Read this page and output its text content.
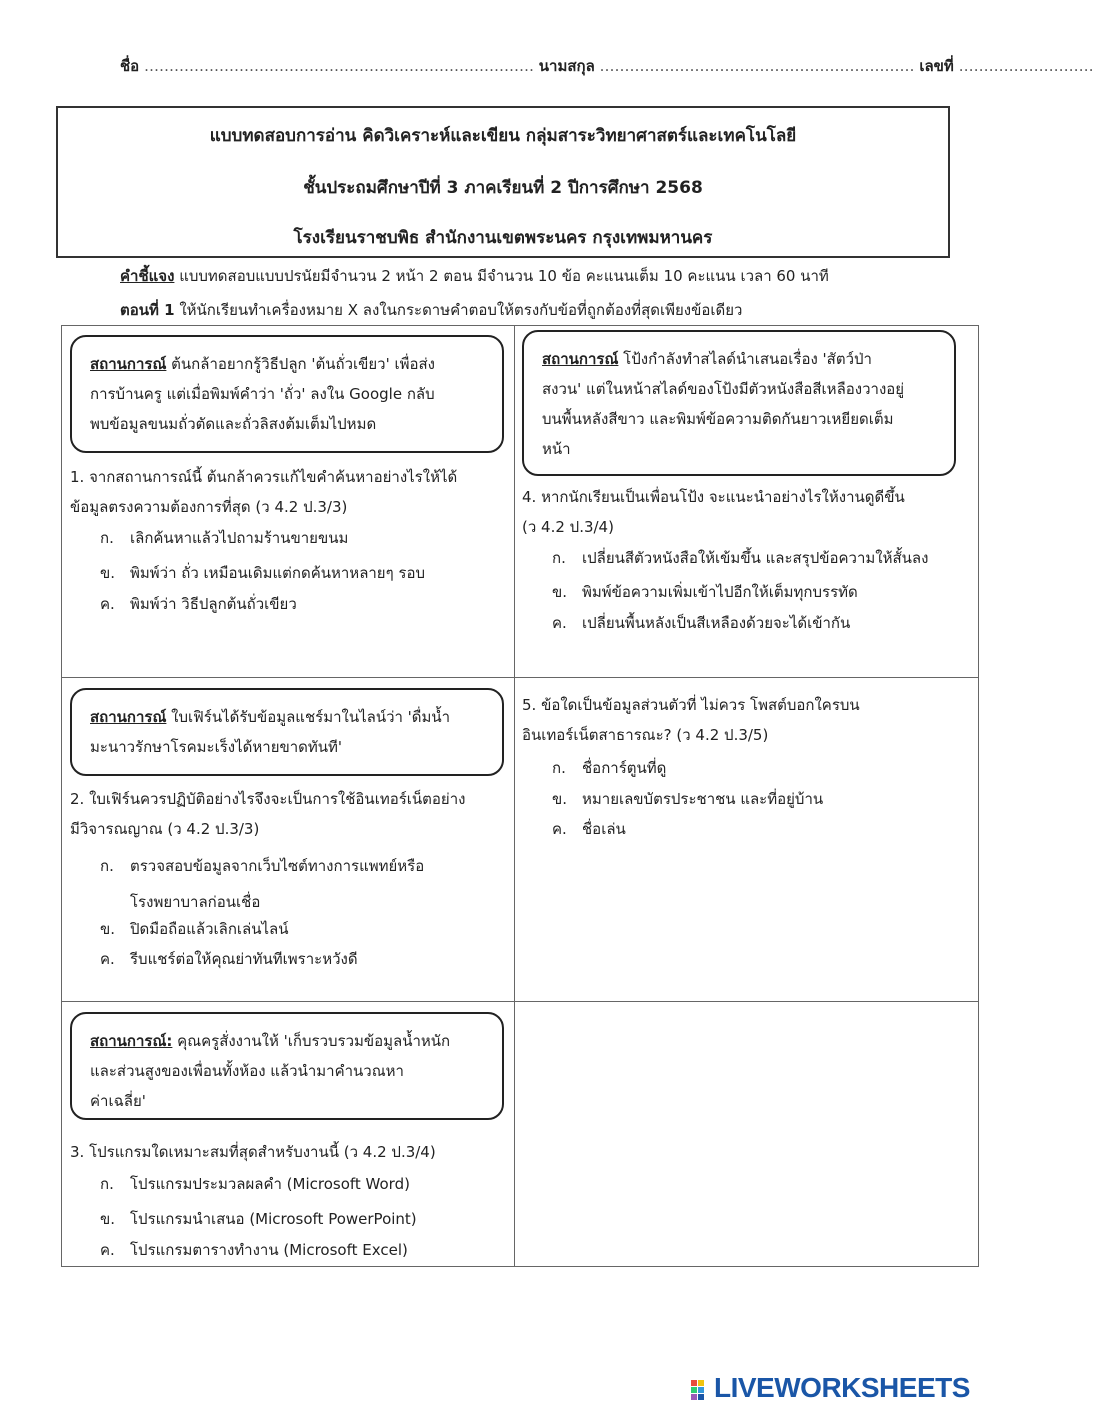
ชื่อ …………………………………………………………………… นามสกุล ……………………………………………………… เลขที่ ………………………
แบบทดสอบการอ่าน คิดวิเคราะห์และเขียน กลุ่มสาระวิทยาศาสตร์และเทคโนโลยี
ชั้นประถมศึกษาปีที่ 3 ภาคเรียนที่ 2 ปีการศึกษา 2568
โรงเรียนราชบพิธ สำนักงานเขตพระนคร กรุงเทพมหานคร
คำชี้แจง แบบทดสอบแบบปรนัยมีจำนวน 2 หน้า 2 ตอน มีจำนวน 10 ข้อ คะแนนเต็ม 10 คะแนน เวลา 60 นาที
ตอนที่ 1 ให้นักเรียนทำเครื่องหมาย X ลงในกระดาษคำตอบให้ตรงกับข้อที่ถูกต้องที่สุดเพียงข้อเดียว
สถานการณ์ ต้นกล้าอยากรู้วิธีปลูก 'ต้นถั่วเขียว' เพื่อส่ง
การบ้านครู แต่เมื่อพิมพ์คำว่า 'ถั่ว' ลงใน Google กลับ
พบข้อมูลขนมถั่วตัดและถั่วลิสงต้มเต็มไปหมด
1. จากสถานการณ์นี้ ต้นกล้าควรแก้ไขคำค้นหาอย่างไรให้ได้
ข้อมูลตรงความต้องการที่สุด (ว 4.2 ป.3/3)
ก. เลิกค้นหาแล้วไปถามร้านขายขนม
ข. พิมพ์ว่า ถั่ว เหมือนเดิมแต่กดค้นหาหลายๆ รอบ
ค. พิมพ์ว่า วิธีปลูกต้นถั่วเขียว
สถานการณ์ โป้งกำลังทำสไลด์นำเสนอเรื่อง 'สัตว์ป่า
สงวน' แต่ในหน้าสไลด์ของโป้งมีตัวหนังสือสีเหลืองวางอยู่
บนพื้นหลังสีขาว และพิมพ์ข้อความติดกันยาวเหยียดเต็ม
หน้า
4. หากนักเรียนเป็นเพื่อนโป้ง จะแนะนำอย่างไรให้งานดูดีขึ้น
(ว 4.2 ป.3/4)
ก. เปลี่ยนสีตัวหนังสือให้เข้มขึ้น และสรุปข้อความให้สั้นลง
ข. พิมพ์ข้อความเพิ่มเข้าไปอีกให้เต็มทุกบรรทัด
ค. เปลี่ยนพื้นหลังเป็นสีเหลืองด้วยจะได้เข้ากัน
สถานการณ์ ใบเฟิร์นได้รับข้อมูลแชร์มาในไลน์ว่า 'ดื่มน้ำ
มะนาวรักษาโรคมะเร็งได้หายขาดทันที'
2. ใบเฟิร์นควรปฏิบัติอย่างไรจึงจะเป็นการใช้อินเทอร์เน็ตอย่าง
มีวิจารณญาณ (ว 4.2 ป.3/3)
ก. ตรวจสอบข้อมูลจากเว็บไซต์ทางการแพทย์หรือ
โรงพยาบาลก่อนเชื่อ
ข. ปิดมือถือแล้วเลิกเล่นไลน์
ค. รีบแชร์ต่อให้คุณย่าทันทีเพราะหวังดี
5. ข้อใดเป็นข้อมูลส่วนตัวที่ ไม่ควร โพสต์บอกใครบน
อินเทอร์เน็ตสาธารณะ? (ว 4.2 ป.3/5)
ก. ชื่อการ์ตูนที่ดู
ข. หมายเลขบัตรประชาชน และที่อยู่บ้าน
ค. ชื่อเล่น
สถานการณ์: คุณครูสั่งงานให้ 'เก็บรวบรวมข้อมูลน้ำหนัก
และส่วนสูงของเพื่อนทั้งห้อง แล้วนำมาคำนวณหา
ค่าเฉลี่ย'
3. โปรแกรมใดเหมาะสมที่สุดสำหรับงานนี้ (ว 4.2 ป.3/4)
ก. โปรแกรมประมวลผลคำ (Microsoft Word)
ข. โปรแกรมนำเสนอ (Microsoft PowerPoint)
ค. โปรแกรมตารางทำงาน (Microsoft Excel)
LIVEWORKSHEETS
